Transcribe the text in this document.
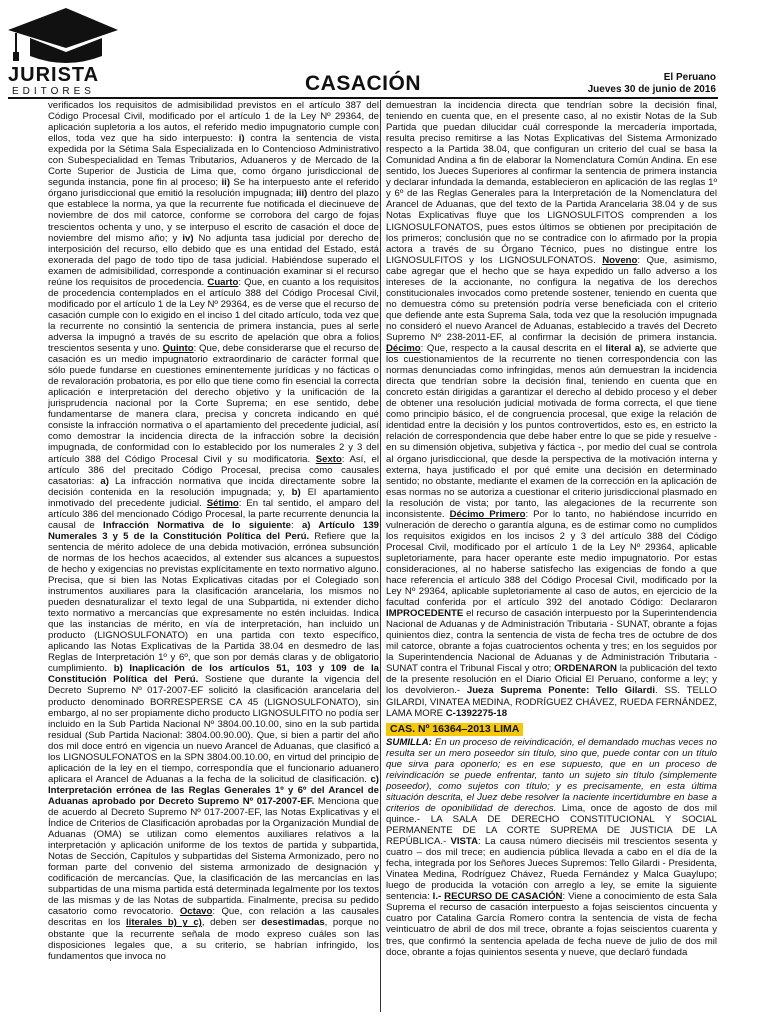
JURISTA
EDITORES	CASACIÓN	El Peruano
Jueves 30 de junio de 2016

verificados los requisitos de admisibilidad previstos en el artículo 387 del Código Procesal Civil, modificado por el artículo 1 de la Ley Nº 29364, de aplicación supletoria a los autos, el referido medio impugnatorio cumple con ellos, toda vez que ha sido interpuesto: i) contra la sentencia de vista expedida por la Sétima Sala Especializada en lo Contencioso Administrativo con Subespecialidad en Temas Tributarios, Aduaneros y de Mercado de la Corte Superior de Justicia de Lima que, como órgano jurisdiccional de segunda instancia, pone fin al proceso; ii) Se ha interpuesto ante el referido órgano jurisdiccional que emitió la resolución impugnada; iii) dentro del plazo que establece la norma, ya que la recurrente fue notificada el diecinueve de noviembre de dos mil catorce, conforme se corrobora del cargo de fojas trescientos ochenta y uno, y se interpuso el escrito de casación el doce de noviembre del mismo año; y iv) No adjunta tasa judicial por derecho de interposición del recurso, ello debido que es una entidad del Estado, está exonerada del pago de todo tipo de tasa judicial. Habiéndose superado el examen de admisibilidad, corresponde a continuación examinar si el recurso reúne los requisitos de procedencia. Cuarto: Que, en cuanto a los requisitos de procedencia contemplados en el artículo 388 del Código Procesal Civil, modificado por el artículo 1 de la Ley Nº 29364, es de verse que el recurso de casación cumple con lo exigido en el inciso 1 del citado artículo, toda vez que la recurrente no consintió la sentencia de primera instancia, pues al serle adversa la impugnó a través de su escrito de apelación que obra a folios trescientos sesenta y uno. Quinto: Que, debe considerarse que el recurso de casación es un medio impugnatorio extraordinario de carácter formal que sólo puede fundarse en cuestiones eminentemente jurídicas y no fácticas o de revaloración probatoria, es por ello que tiene como fin esencial la correcta aplicación e interpretación del derecho objetivo y la unificación de la jurisprudencia nacional por la Corte Suprema; en ese sentido, debe fundamentarse de manera clara, precisa y concreta indicando en qué consiste la infracción normativa o el apartamiento del precedente judicial, así como demostrar la incidencia directa de la infracción sobre la decisión impugnada, de conformidad con lo establecido por los numerales 2 y 3 del artículo 388 del Código Procesal Civil y su modificatoria. Sexto: Así, el artículo 386 del precitado Código Procesal, precisa como causales casatorias: a) La infracción normativa que incida directamente sobre la decisión contenida en la resolución impugnada; y, b) El apartamiento inmotivado del precedente judicial. Sétimo: En tal sentido, el amparo del artículo 386 del mencionado Código Procesal, la parte recurrente denuncia la causal de Infracción Normativa de lo siguiente: a) Artículo 139 Numerales 3 y 5 de la Constitución Política del Perú. Refiere que la sentencia de mérito adolece de una debida motivación, errónea subsunción de normas de los hechos acaecidos, al extender sus alcances a supuestos de hecho y exigencias no previstas explícitamente en texto normativo alguno. Precisa, que si bien las Notas Explicativas citadas por el Colegiado son instrumentos auxiliares para la clasificación arancelaria, los mismos no pueden desnaturalizar el texto legal de una Subpartida, ni extender dicho texto normativo a mercancías que expresamente no estén incluidas. Indica que las instancias de mérito, en vía de interpretación, han incluido un producto (LIGNOSULFONATO) en una partida con texto específico, aplicando las Notas Explicativas de la Partida 38.04 en desmedro de las Reglas de Interpretación 1º y 6º, que son por demás claras y de obligatorio cumplimiento. b) Inaplicación de los artículos 51, 103 y 109 de la Constitución Política del Perú. Sostiene que durante la vigencia del Decreto Supremo Nº 017-2007-EF solicitó la clasificación arancelaria del producto denominado BORRESPERSE CA 45 (LIGNOSULFONATO), sin embargo, al no ser propiamente dicho producto LIGNOSULFITO no podía ser incluido en la Sub Partida Nacional Nº 3804.00.10.00, sino en la sub partida residual (Sub Partida Nacional: 3804.00.90.00). Que, si bien a partir del año dos mil doce entró en vigencia un nuevo Arancel de Aduanas, que clasificó a los LIGNOSULFONATOS en la SPN 3804.00.10.00, en virtud del principio de aplicación de la ley en el tiempo, correspondía que el funcionario aduanero aplicara el Arancel de Aduanas a la fecha de la solicitud de clasificación. c) Interpretación errónea de las Reglas Generales 1º y 6º del Arancel de Aduanas aprobado por Decreto Supremo Nº 017-2007-EF. Menciona que de acuerdo al Decreto Supremo Nº 017-2007-EF, las Notas Explicativas y el Índice de Criterios de Clasificación aprobadas por la Organización Mundial de Aduanas (OMA) se utilizan como elementos auxiliares relativos a la interpretación y aplicación uniforme de los textos de partida y subpartida, Notas de Sección, Capítulos y subpartidas del Sistema Armonizado, pero no forman parte del convenio del sistema armonizado de designación y codificación de mercancías. Que, la clasificación de las mercancías en las subpartidas de una misma partida está determinada legalmente por los textos de las mismas y de las Notas de subpartida. Finalmente, precisa su pedido casatorio como revocatorio. Octavo: Que, con relación a las causales descritas en los literales b) y c), deben ser desestimadas, porque no obstante que la recurrente señala de modo expreso cuáles son las disposiciones legales que, a su criterio, se habrían infringido, los fundamentos que invoca no

demuestran la incidencia directa que tendrían sobre la decisión final, teniendo en cuenta que, en el presente caso, al no existir Notas de la Sub Partida que puedan dilucidar cuál corresponde la mercadería importada, resulta preciso remitirse a las Notas Explicativas del Sistema Armonizado respecto a la Partida 38.04, que configuran un criterio del cual se basa la Comunidad Andina a fin de elaborar la Nomenclatura Común Andina. En ese sentido, los Jueces Superiores al confirmar la sentencia de primera instancia y declarar infundada la demanda, establecieron en aplicación de las reglas 1º y 6º de las Reglas Generales para la Interpretación de la Nomenclatura del Arancel de Aduanas, que del texto de la Partida Arancelaria 38.04 y de sus Notas Explicativas fluye que los LIGNOSULFITOS comprenden a los LIGNOSULFONATOS, pues estos últimos se obtienen por precipitación de los primeros; conclusión que no se contradice con lo afirmado por la propia actora a través de su Órgano Técnico, pues no distingue entre los LIGNOSULFITOS y los LIGNOSULFONATOS. Noveno: Que, asimismo, cabe agregar que el hecho que se haya expedido un fallo adverso a los intereses de la accionante, no configura la negativa de los derechos constitucionales invocados como pretende sostener, teniendo en cuenta que no demuestra cómo su pretensión podría verse beneficiada con el criterio que defiende ante esta Suprema Sala, toda vez que la resolución impugnada no consideró el nuevo Arancel de Aduanas, establecido a través del Decreto Supremo Nº 238-2011-EF, al confirmar la decisión de primera instancia. Décimo: Que, respecto a la causal descrita en el literal a), se advierte que los cuestionamientos de la recurrente no tienen correspondencia con las normas denunciadas como infringidas, menos aún demuestran la incidencia directa que tendrían sobre la decisión final, teniendo en cuenta que en concreto están dirigidas a garantizar el derecho al debido proceso y el deber de obtener una resolución judicial motivada de forma correcta, el que tiene como principio básico, el de congruencia procesal, que exige la relación de identidad entre la decisión y los puntos controvertidos, esto es, en estricto la relación de correspondencia que debe haber entre lo que se pide y resuelve - en su dimensión objetiva, subjetiva y fáctica -, por medio del cual se controla al órgano jurisdiccional, que desde la perspectiva de la motivación interna y externa, haya justificado el por qué emite una decisión en determinado sentido; no obstante, mediante el examen de la corrección en la aplicación de esas normas no se autoriza a cuestionar el criterio jurisdiccional plasmado en la resolución de vista; por tanto, las alegaciones de la recurrente son inconsistente. Décimo Primero: Por lo tanto, no habiéndose incurrido en vulneración de derecho o garantía alguna, es de estimar como no cumplidos los requisitos exigidos en los incisos 2 y 3 del artículo 388 del Código Procesal Civil, modificado por el artículo 1 de la Ley Nº 29364, aplicable supletoriamente, para hacer operante este medio impugnatorio. Por estas consideraciones, al no haberse satisfecho las exigencias de fondo a que hace referencia el artículo 388 del Código Procesal Civil, modificado por la Ley Nº 29364, aplicable supletoriamente al caso de autos, en ejercicio de la facultad conferida por el artículo 392 del anotado Código: Declararon IMPROCEDENTE el recurso de casación interpuesto por la Superintendencia Nacional de Aduanas y de Administración Tributaria - SUNAT, obrante a fojas quinientos diez, contra la sentencia de vista de fecha tres de octubre de dos mil catorce, obrante a fojas cuatrocientos ochenta y tres; en los seguidos por la Superintendencia Nacional de Aduanas y de Administración Tributaria - SUNAT contra el Tribunal Fiscal y otro; ORDENARON la publicación del texto de la presente resolución en el Diario Oficial El Peruano, conforme a ley; y los devolvieron.- Jueza Suprema Ponente: Tello Gilardi. SS. TELLO GILARDI, VINATEA MEDINA, RODRÍGUEZ CHÁVEZ, RUEDA FERNÁNDEZ, LAMA MORE C-1392275-18

CAS. Nº 16364–2013 LIMA

SUMILLA: En un proceso de reivindicación, el demandado muchas veces no resulta ser un mero poseedor sin título, sino que, puede contar con un título que sirva para oponerlo; es en ese supuesto, que en un proceso de reivindicación se puede enfrentar, tanto un sujeto sin título (simplemente poseedor), como sujetos con título; y es precisamente, en esta última situación descrita, el Juez debe resolver la naciente incertidumbre en base a criterios de oponibilidad de derechos. Lima, once de agosto de dos mil quince.- LA SALA DE DERECHO CONSTITUCIONAL Y SOCIAL PERMANENTE DE LA CORTE SUPREMA DE JUSTICIA DE LA REPÚBLICA.- VISTA: La causa número dieciséis mil trescientos sesenta y cuatro – dos mil trece; en audiencia pública llevada a cabo en el día de la fecha, integrada por los Señores Jueces Supremos: Tello Gilardi - Presidenta, Vinatea Medina, Rodríguez Chávez, Rueda Fernández y Malca Guaylupo; luego de producida la votación con arreglo a ley, se emite la siguiente sentencia: I.- RECURSO DE CASACIÓN: Viene a conocimiento de esta Sala Suprema el recurso de casación interpuesto a fojas seiscientos cincuenta y cuatro por Catalina García Romero contra la sentencia de vista de fecha veinticuatro de abril de dos mil trece, obrante a fojas seiscientos cuarenta y tres, que confirmó la sentencia apelada de fecha nueve de julio de dos mil doce, obrante a fojas quinientos sesenta y nueve, que declaró fundada
